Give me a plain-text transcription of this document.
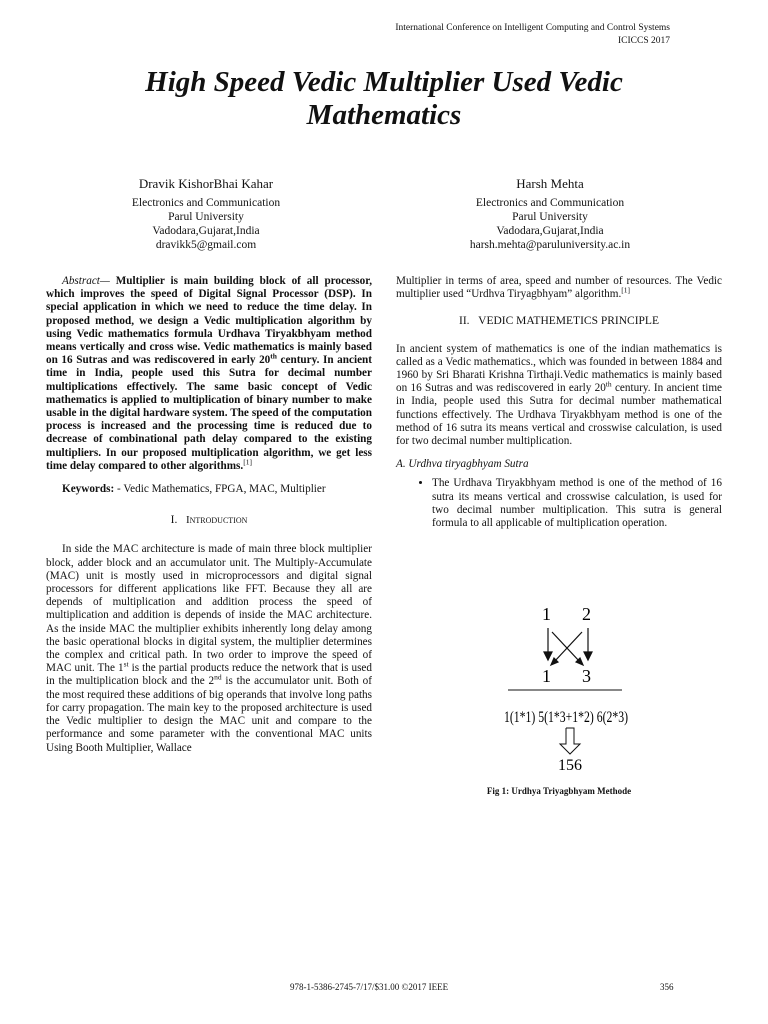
International Conference on Intelligent Computing and Control Systems
ICICCS 2017
High Speed Vedic Multiplier Used Vedic
Mathematics
Dravik KishorBhai Kahar
Electronics and Communication
Parul University
Vadodara,Gujarat,India
dravikk5@gmail.com
Harsh Mehta
Electronics and Communication
Parul University
Vadodara,Gujarat,India
harsh.mehta@paruluniversity.ac.in

Abstract— Multiplier is main building block of all processor, which improves the speed of Digital Signal Processor (DSP). In special application in which we need to reduce the time delay. In proposed method, we design a Vedic multiplication algorithm by using Vedic mathematics formula Urdhava Tiryakbhyam method means vertically and cross wise. Vedic mathematics is mainly based on 16 Sutras and was rediscovered in early 20th century. In ancient time in India, people used this Sutra for decimal number multiplications effectively. The same basic concept of Vedic mathematics is applied to multiplication of binary number to make usable in the digital hardware system. The speed of the computation process is increased and the processing time is reduced due to decrease of combinational path delay compared to the existing multipliers. In our proposed multiplication algorithm, we get less time delay compared to other algorithms.[1]

Keywords: - Vedic Mathematics, FPGA, MAC, Multiplier

I. Introduction

In side the MAC architecture is made of main three block multiplier block, adder block and an accumulator unit. The Multiply-Accumulate (MAC) unit is mostly used in microprocessors and digital signal processors for different applications like FFT. Because they all are depends of multiplication and addition process the speed of multiplication and addition is depends of inside the MAC architecture. As the inside MAC the multiplier exhibits inherently long delay among the basic operational blocks in digital system, the multiplier determines the complex and critical path. In two order to improve the speed of MAC unit. The 1st is the partial products reduce the network that is used in the multiplication block and the 2nd is the accumulator unit. Both of the most required these additions of big operands that involve long paths for carry propagation. The main key to the proposed architecture is used the Vedic multiplier to design the MAC unit and compare to the performance and some parameter with the conventional MAC units Using Booth Multiplier, Wallace

Multiplier in terms of area, speed and number of resources. The Vedic multiplier used “Urdhva Tiryagbhyam” algorithm.[1]

II. VEDIC MATHEMETICS PRINCIPLE

In ancient system of mathematics is one of the indian mathematics is called as a Vedic mathematics., which was founded in between 1884 and 1960 by Sri Bharati Krishna Tirthaji.Vedic mathematics is mainly based on 16 Sutras and was rediscovered in early 20th century. In ancient time in India, people used this Sutra for decimal number mathematical functions effectively. The Urdhava Tiryakbhyam method is one of the method of 16 sutra its means vertical and crosswise calculation, is used for two decimal number multiplication.

A. Urdhva tiryagbhyam Sutra

• The Urdhava Tiryakbhyam method is one of the method of 16 sutra its means vertical and crosswise calculation, is used for two decimal number multiplication. This sutra is general formula to all applicable of multiplication operation.
1 2
1 3
1(1*1) 5(1*3+1*2) 6(2*3)
156
Fig 1: Urdhya Triyagbhyam Methode
978-1-5386-2745-7/17/$31.00 ©2017 IEEE	356
